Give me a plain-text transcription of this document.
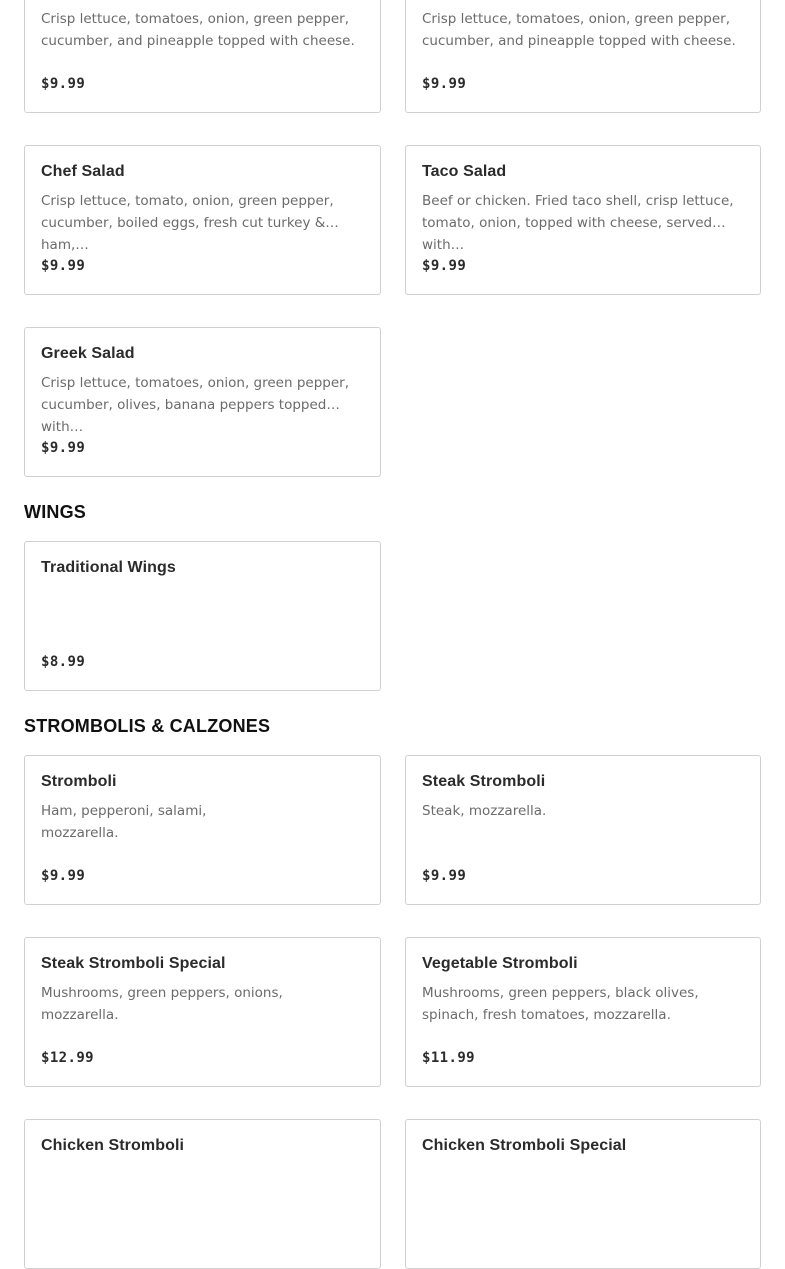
Crisp lettuce, tomatoes, onion, green pepper, cucumber, and pineapple topped with cheese.
$9.99
Crisp lettuce, tomatoes, onion, green pepper, cucumber, and pineapple topped with cheese.
$9.99
Chef Salad
Crisp lettuce, tomato, onion, green pepper, cucumber, boiled eggs, fresh cut turkey & ham,…
$9.99
Taco Salad
Beef or chicken. Fried taco shell, crisp lettuce, tomato, onion, topped with cheese, served with…
$9.99
Greek Salad
Crisp lettuce, tomatoes, onion, green pepper, cucumber, olives, banana peppers topped with…
$9.99
WINGS
Traditional Wings
$8.99
STROMBOLIS & CALZONES
Stromboli
Ham, pepperoni, salami,
mozzarella.
$9.99
Steak Stromboli
Steak, mozzarella.
$9.99
Steak Stromboli Special
Mushrooms, green peppers, onions, mozzarella.
$12.99
Vegetable Stromboli
Mushrooms, green peppers, black olives, spinach, fresh tomatoes, mozzarella.
$11.99
Chicken Stromboli	Chicken Stromboli Special
